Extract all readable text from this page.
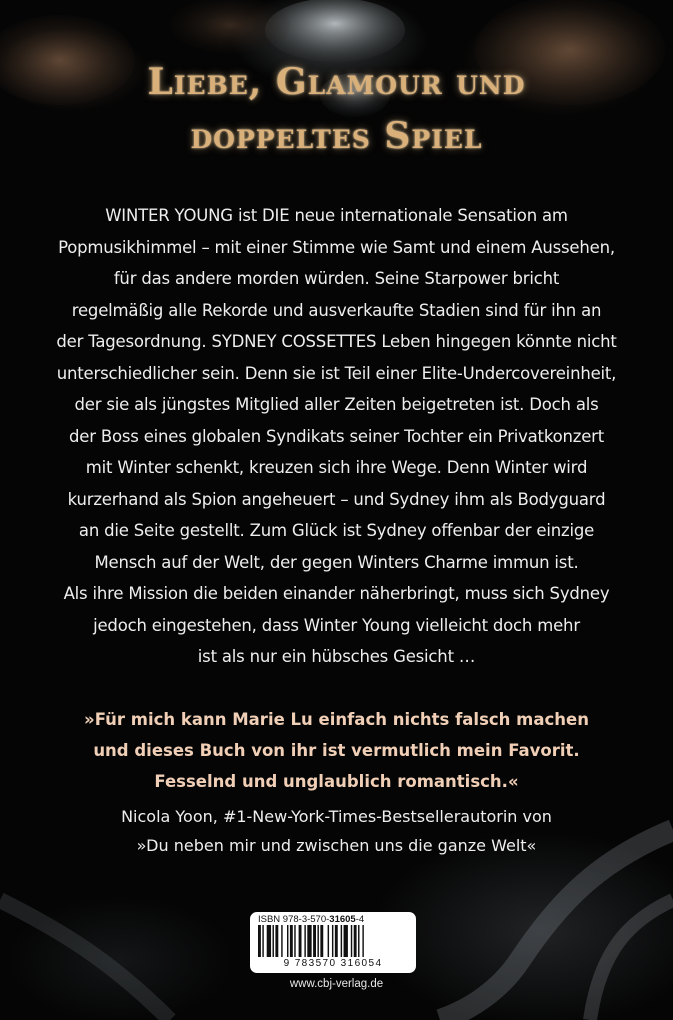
Liebe, Glamour und
doppeltes Spiel
WINTER YOUNG ist DIE neue internationale Sensation am
Popmusikhimmel – mit einer Stimme wie Samt und einem Aussehen,
für das andere morden würden. Seine Starpower bricht
regelmäßig alle Rekorde und ausverkaufte Stadien sind für ihn an
der Tagesordnung. SYDNEY COSSETTES Leben hingegen könnte nicht
unterschiedlicher sein. Denn sie ist Teil einer Elite-Undercovereinheit,
der sie als jüngstes Mitglied aller Zeiten beigetreten ist. Doch als
der Boss eines globalen Syndikats seiner Tochter ein Privatkonzert
mit Winter schenkt, kreuzen sich ihre Wege. Denn Winter wird
kurzerhand als Spion angeheuert – und Sydney ihm als Bodyguard
an die Seite gestellt. Zum Glück ist Sydney offenbar der einzige
Mensch auf der Welt, der gegen Winters Charme immun ist.
Als ihre Mission die beiden einander näherbringt, muss sich Sydney
jedoch eingestehen, dass Winter Young vielleicht doch mehr
ist als nur ein hübsches Gesicht …
»Für mich kann Marie Lu einfach nichts falsch machen
und dieses Buch von ihr ist vermutlich mein Favorit.
Fesselnd und unglaublich romantisch.«
Nicola Yoon, #1-New-York-Times-Bestsellerautorin von
»Du neben mir und zwischen uns die ganze Welt«
ISBN 978-3-570-31605-4
9 783570 316054
www.cbj-verlag.de
